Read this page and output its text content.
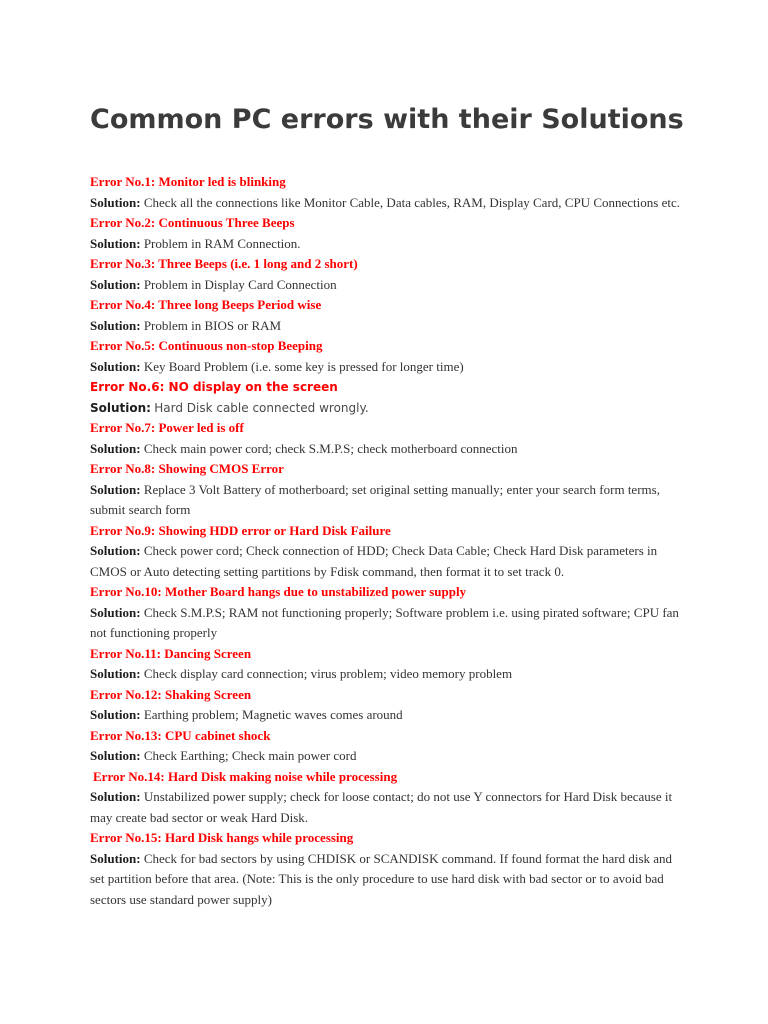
Common PC errors with their Solutions
Error No.1: Monitor led is blinking
Solution: Check all the connections like Monitor Cable, Data cables, RAM, Display Card, CPU Connections etc.
Error No.2: Continuous Three Beeps
Solution: Problem in RAM Connection.
Error No.3: Three Beeps (i.e. 1 long and 2 short)
Solution: Problem in Display Card Connection
Error No.4: Three long Beeps Period wise
Solution: Problem in BIOS or RAM
Error No.5: Continuous non-stop Beeping
Solution: Key Board Problem (i.e. some key is pressed for longer time)
Error No.6: NO display on the screen
Solution: Hard Disk cable connected wrongly.
Error No.7: Power led is off
Solution: Check main power cord; check S.M.P.S; check motherboard connection
Error No.8: Showing CMOS Error
Solution: Replace 3 Volt Battery of motherboard; set original setting manually; enter your search form terms, submit search form
Error No.9: Showing HDD error or Hard Disk Failure
Solution: Check power cord; Check connection of HDD; Check Data Cable; Check Hard Disk parameters in CMOS or Auto detecting setting partitions by Fdisk command, then format it to set track 0.
Error No.10: Mother Board hangs due to unstabilized power supply
Solution: Check S.M.P.S; RAM not functioning properly; Software problem i.e. using pirated software; CPU fan not functioning properly
Error No.11: Dancing Screen
Solution: Check display card connection; virus problem; video memory problem
Error No.12: Shaking Screen
Solution: Earthing problem; Magnetic waves comes around
Error No.13: CPU cabinet shock
Solution: Check Earthing; Check main power cord
Error No.14: Hard Disk making noise while processing
Solution: Unstabilized power supply; check for loose contact; do not use Y connectors for Hard Disk because it may create bad sector or weak Hard Disk.
Error No.15: Hard Disk hangs while processing
Solution: Check for bad sectors by using CHDISK or SCANDISK command. If found format the hard disk and set partition before that area. (Note: This is the only procedure to use hard disk with bad sector or to avoid bad sectors use standard power supply)
